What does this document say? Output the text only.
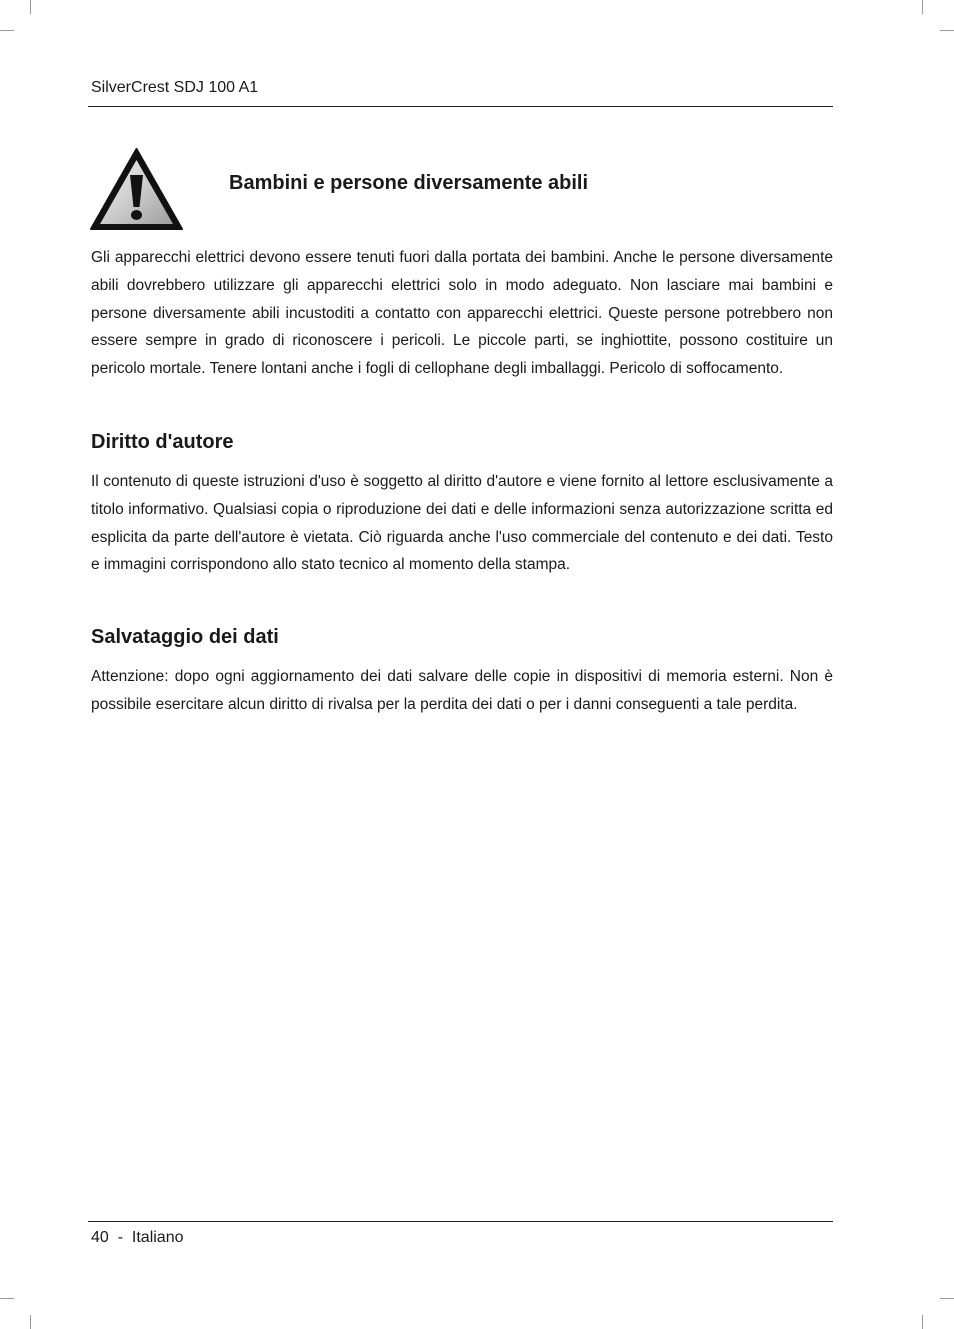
SilverCrest SDJ 100 A1
Bambini e persone diversamente abili

Gli apparecchi elettrici devono essere tenuti fuori dalla portata dei bambini. Anche le persone diversamente abili dovrebbero utilizzare gli apparecchi elettrici solo in modo adeguato. Non lasciare mai bambini e persone diversamente abili incustoditi a contatto con apparecchi elettrici. Queste persone potrebbero non essere sempre in grado di riconoscere i pericoli. Le piccole parti, se inghiottite, possono costituire un pericolo mortale. Tenere lontani anche i fogli di cellophane degli imballaggi. Pericolo di soffocamento.

Diritto d'autore

Il contenuto di queste istruzioni d'uso è soggetto al diritto d'autore e viene fornito al lettore esclusivamente a titolo informativo. Qualsiasi copia o riproduzione dei dati e delle informazioni senza autorizzazione scritta ed esplicita da parte dell'autore è vietata. Ciò riguarda anche l'uso commerciale del contenuto e dei dati. Testo e immagini corrispondono allo stato tecnico al momento della stampa.

Salvataggio dei dati

Attenzione: dopo ogni aggiornamento dei dati salvare delle copie in dispositivi di memoria esterni. Non è possibile esercitare alcun diritto di rivalsa per la perdita dei dati o per i danni conseguenti a tale perdita.

40  -  Italiano
